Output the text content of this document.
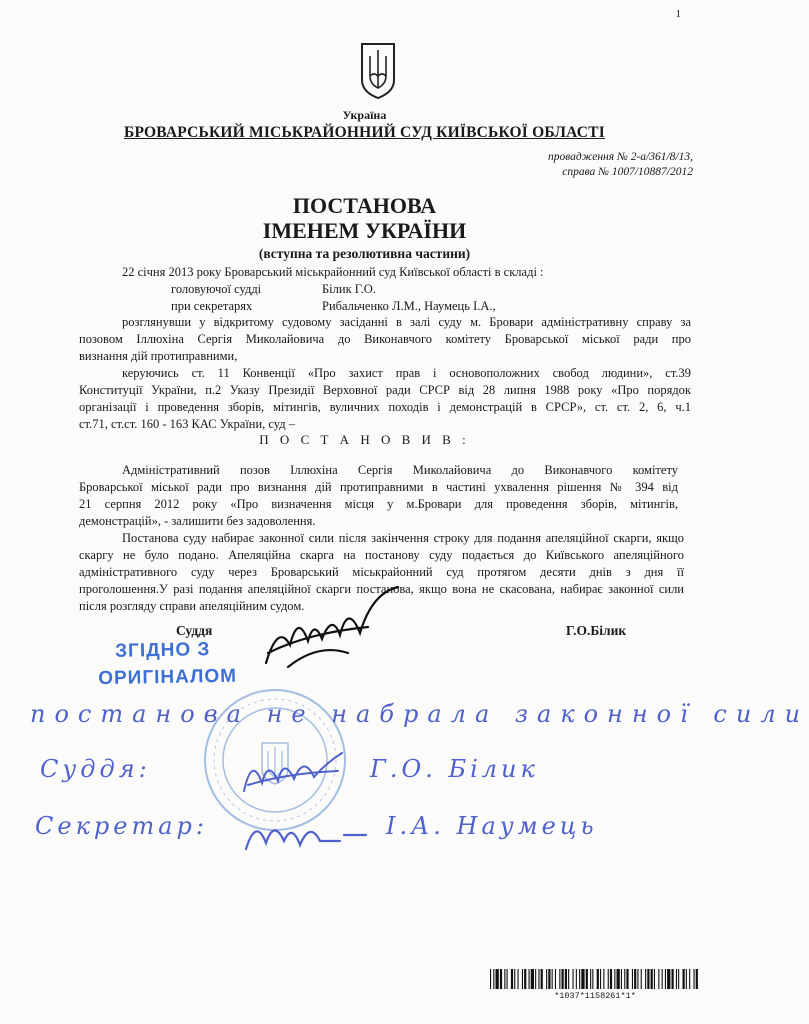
1
Україна
БРОВАРСЬКИЙ МІСЬКРАЙОННИЙ СУД КИЇВСЬКОЇ ОБЛАСТІ
провадження № 2-а/361/8/13,
справа № 1007/10887/2012
ПОСТАНОВА
ІМЕНЕМ УКРАЇНИ
(вступна та резолютивна частини)
22 січня 2013 року Броварський міськрайонний суд Київської області в складі :
головуючої судді	Білик Г.О.
при секретарях	Рибальченко Л.М., Наумець І.А.,
розглянувши у відкритому судовому засіданні в залі суду м. Бровари адміністративну справу за
позовом Іллюхіна Сергія Миколайовича до Виконавчого комітету Броварської міської ради про
визнання дій протиправними,
керуючись ст. 11 Конвенції «Про захист прав і основоположних свобод людини», ст.39
Конституції України, п.2 Указу Президії Верховної ради СРСР від 28 липня 1988 року «Про порядок
організації і проведення зборів, мітингів, вуличних походів і демонстрацій в СРСР», ст. ст. 2, 6, ч.1
ст.71, ст.ст. 160 - 163 КАС України, суд –
П О С Т А Н О В И В :
Адміністративний позов Іллюхіна Сергія Миколайовича до Виконавчого комітету
Броварської міської ради про визнання дій протиправними в частині ухвалення рішення № 394 від
21 серпня 2012 року «Про визначення місця у м.Бровари для проведення зборів, мітингів,
демонстрацій», - залишити без задоволення.
Постанова суду набирає законної сили після закінчення строку для подання апеляційної скарги, якщо
скаргу не було подано. Апеляційна скарга на постанову суду подається до Київського апеляційного
адміністративного суду через Броварський міськрайонний суд протягом десяти днів з дня її
проголошення.У разі подання апеляційної скарги постанова, якщо вона не скасована, набирає законної сили
після розгляду справи апеляційним судом.
Суддя	Г.О.Білик
ЗГІДНО З
ОРИГІНАЛОМ
постанова не набрала законної сили
Суддя:	Г.О. Білик
Секретар:	І.А. Наумець
*1037*1158261*1*
